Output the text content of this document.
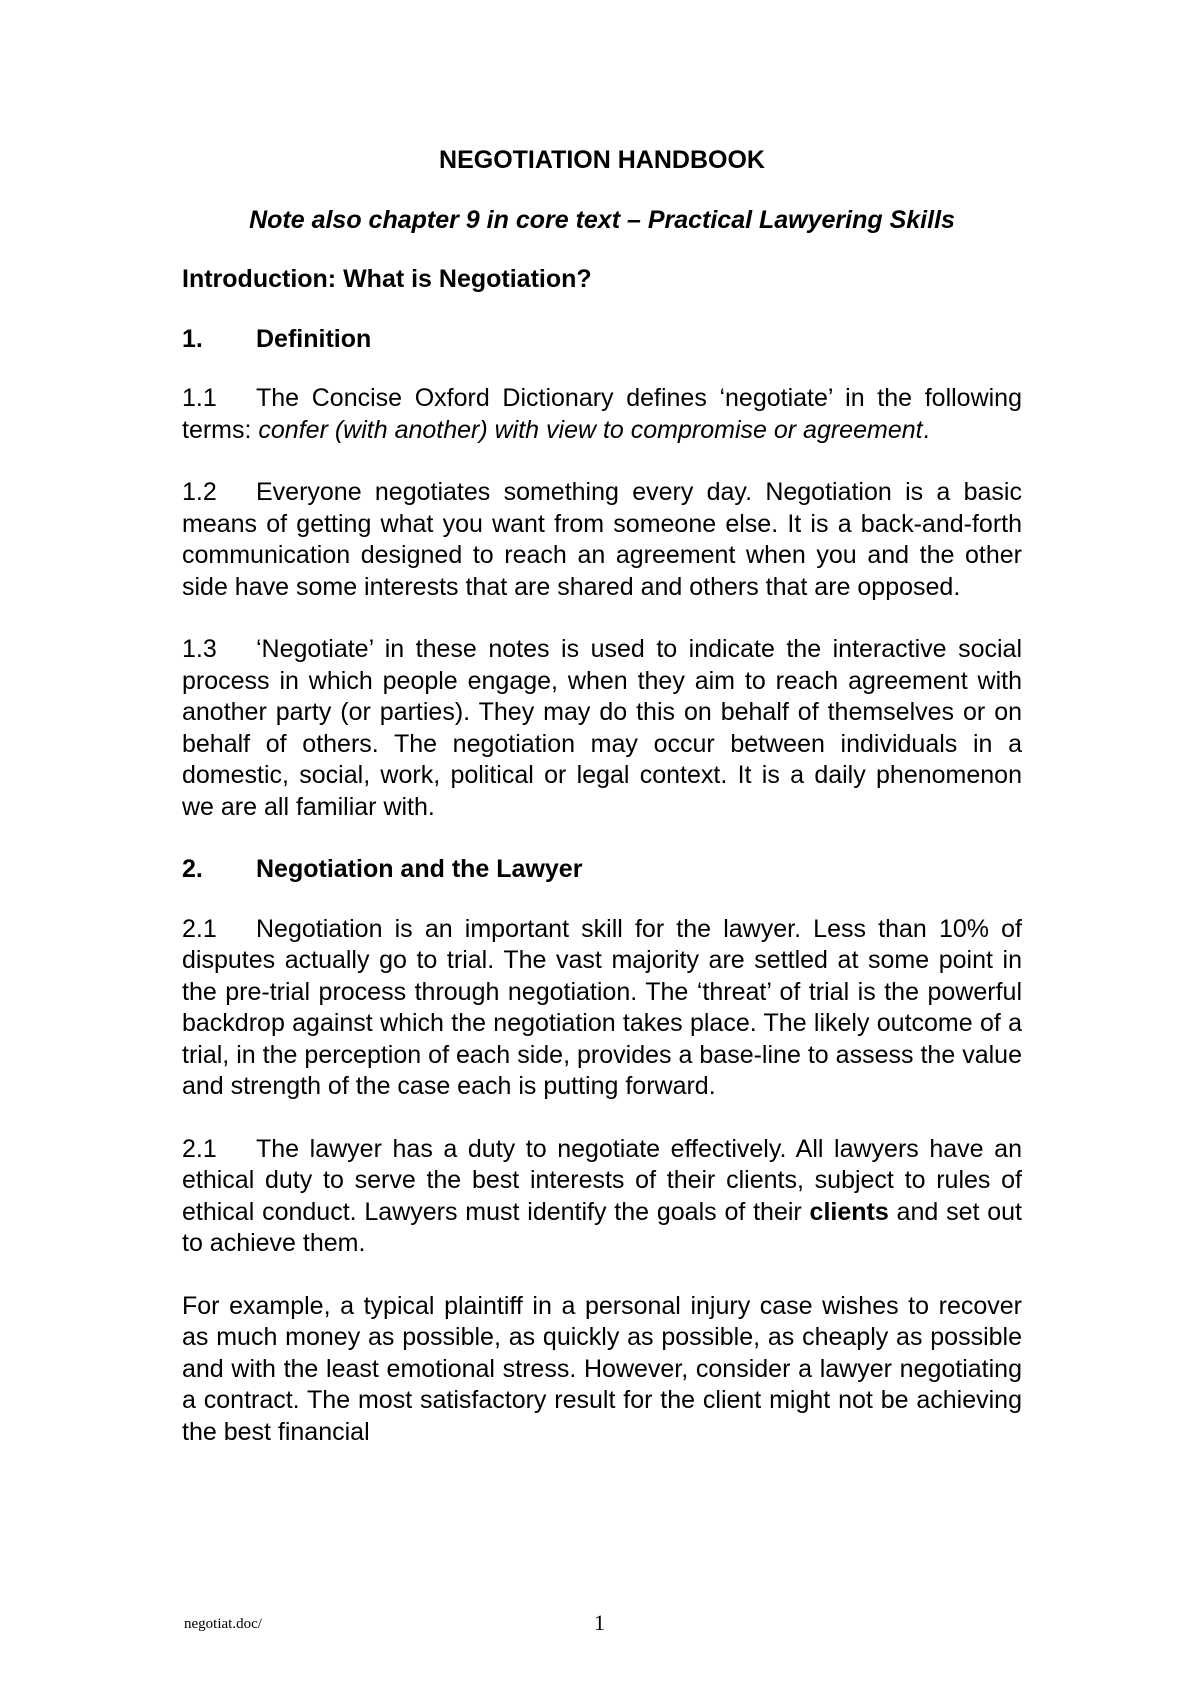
NEGOTIATION HANDBOOK
Note also chapter 9 in core text – Practical Lawyering Skills
Introduction: What is Negotiation?
1. Definition

1.1 The Concise Oxford Dictionary defines ‘negotiate’ in the following terms: confer (with another) with view to compromise or agreement.

1.2 Everyone negotiates something every day. Negotiation is a basic means of getting what you want from someone else. It is a back-and-forth communication designed to reach an agreement when you and the other side have some interests that are shared and others that are opposed.

1.3 ‘Negotiate’ in these notes is used to indicate the interactive social process in which people engage, when they aim to reach agreement with another party (or parties). They may do this on behalf of themselves or on behalf of others. The negotiation may occur between individuals in a domestic, social, work, political or legal context. It is a daily phenomenon we are all familiar with.

2. Negotiation and the Lawyer

2.1 Negotiation is an important skill for the lawyer. Less than 10% of disputes actually go to trial. The vast majority are settled at some point in the pre-trial process through negotiation. The ‘threat’ of trial is the powerful backdrop against which the negotiation takes place. The likely outcome of a trial, in the perception of each side, provides a base-line to assess the value and strength of the case each is putting forward.

2.1 The lawyer has a duty to negotiate effectively. All lawyers have an ethical duty to serve the best interests of their clients, subject to rules of ethical conduct. Lawyers must identify the goals of their clients and set out to achieve them.

For example, a typical plaintiff in a personal injury case wishes to recover as much money as possible, as quickly as possible, as cheaply as possible and with the least emotional stress. However, consider a lawyer negotiating a contract. The most satisfactory result for the client might not be achieving the best financial

negotiat.doc/	1
